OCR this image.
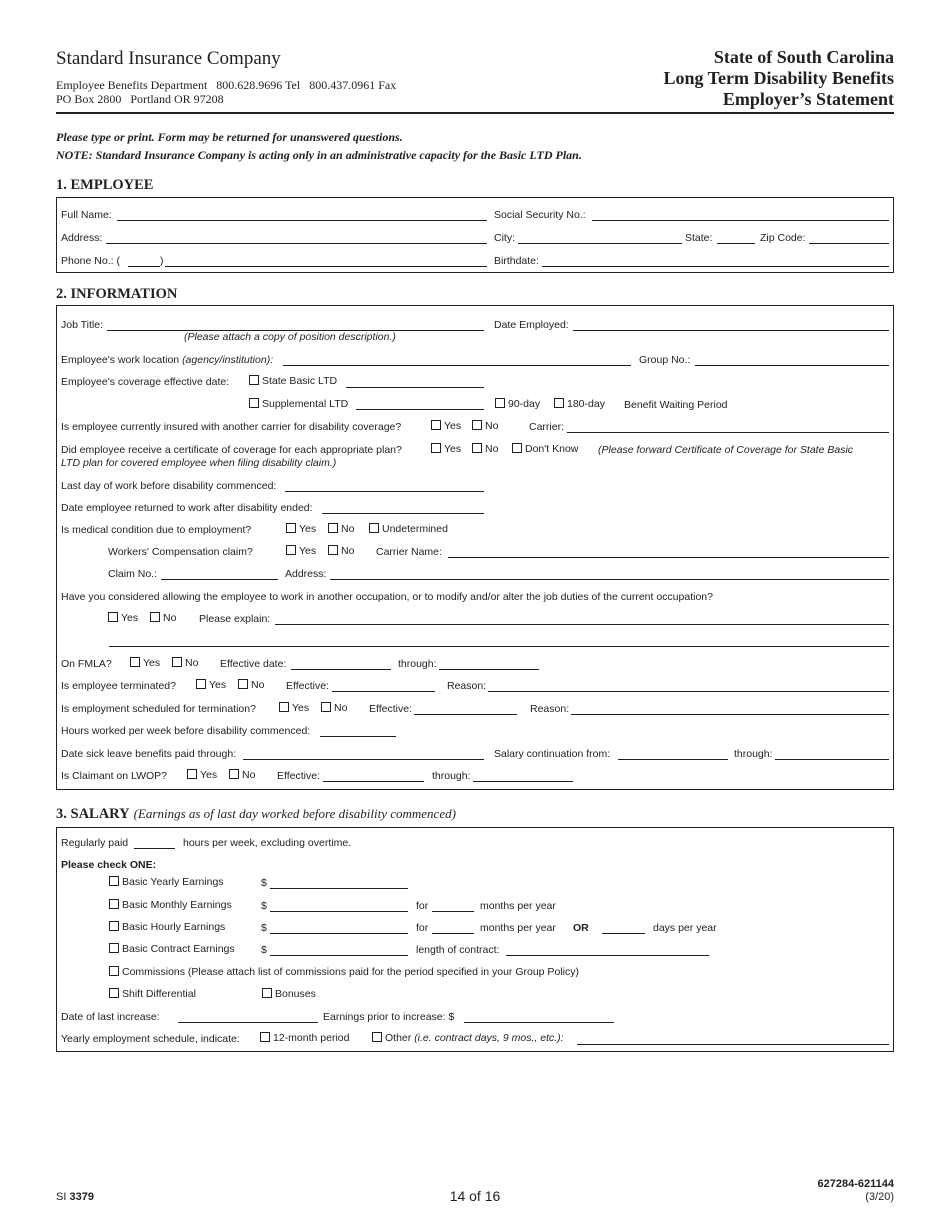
Standard Insurance Company
Employee Benefits Department   800.628.9696 Tel   800.437.0961 Fax
PO Box 2800   Portland OR 97208
State of South Carolina
Long Term Disability Benefits
Employer’s Statement
Please type or print. Form may be returned for unanswered questions.
NOTE: Standard Insurance Company is acting only in an administrative capacity for the Basic LTD Plan.
1. EMPLOYEE
Full Name:	Social Security No.:
Address:	City:	State:	Zip Code:
Phone No.: (	)	Birthdate:
2. INFORMATION
Job Title:
(Please attach a copy of position description.)
Date Employed:
Employee's work location (agency/institution):	Group No.:
Employee's coverage effective date:	State Basic LTD
Supplemental LTD	90-day	180-day Benefit Waiting Period
Is employee currently insured with another carrier for disability coverage?	Yes	No	Carrier:
Did employee receive a certificate of coverage for each appropriate plan?	Yes	No	Don't Know (Please forward Certificate of Coverage for State Basic
LTD plan for covered employee when filing disability claim.)
Last day of work before disability commenced:
Date employee returned to work after disability ended:
Is medical condition due to employment?	Yes	No	Undetermined
Workers' Compensation claim?	Yes	No Carrier Name:
Claim No.:	Address:
Have you considered allowing the employee to work in another occupation, or to modify and/or alter the job duties of the current occupation?
Yes	No Please explain:
On FMLA?	Yes	No Effective date:	through:
Is employee terminated?	Yes	No Effective:	Reason:
Is employment scheduled for termination?	Yes	No Effective:	Reason:
Hours worked per week before disability commenced:
Date sick leave benefits paid through:	Salary continuation from:	through:
Is Claimant on LWOP?	Yes	No Effective:	through:
3. SALARY (Earnings as of last day worked before disability commenced)
Regularly paid	hours per week, excluding overtime.
Please check ONE:
Basic Yearly Earnings	$
Basic Monthly Earnings	$	for	months per year
Basic Hourly Earnings	$	for	months per year OR	days per year
Basic Contract Earnings	$	length of contract:
Commissions (Please attach list of commissions paid for the period specified in your Group Policy)
Shift Differential	Bonuses
Date of last increase:	Earnings prior to increase: $
Yearly employment schedule, indicate:	12-month period	Other (i.e. contract days, 9 mos., etc.):
SI 3379	14 of 16
627284-621144
(3/20)
